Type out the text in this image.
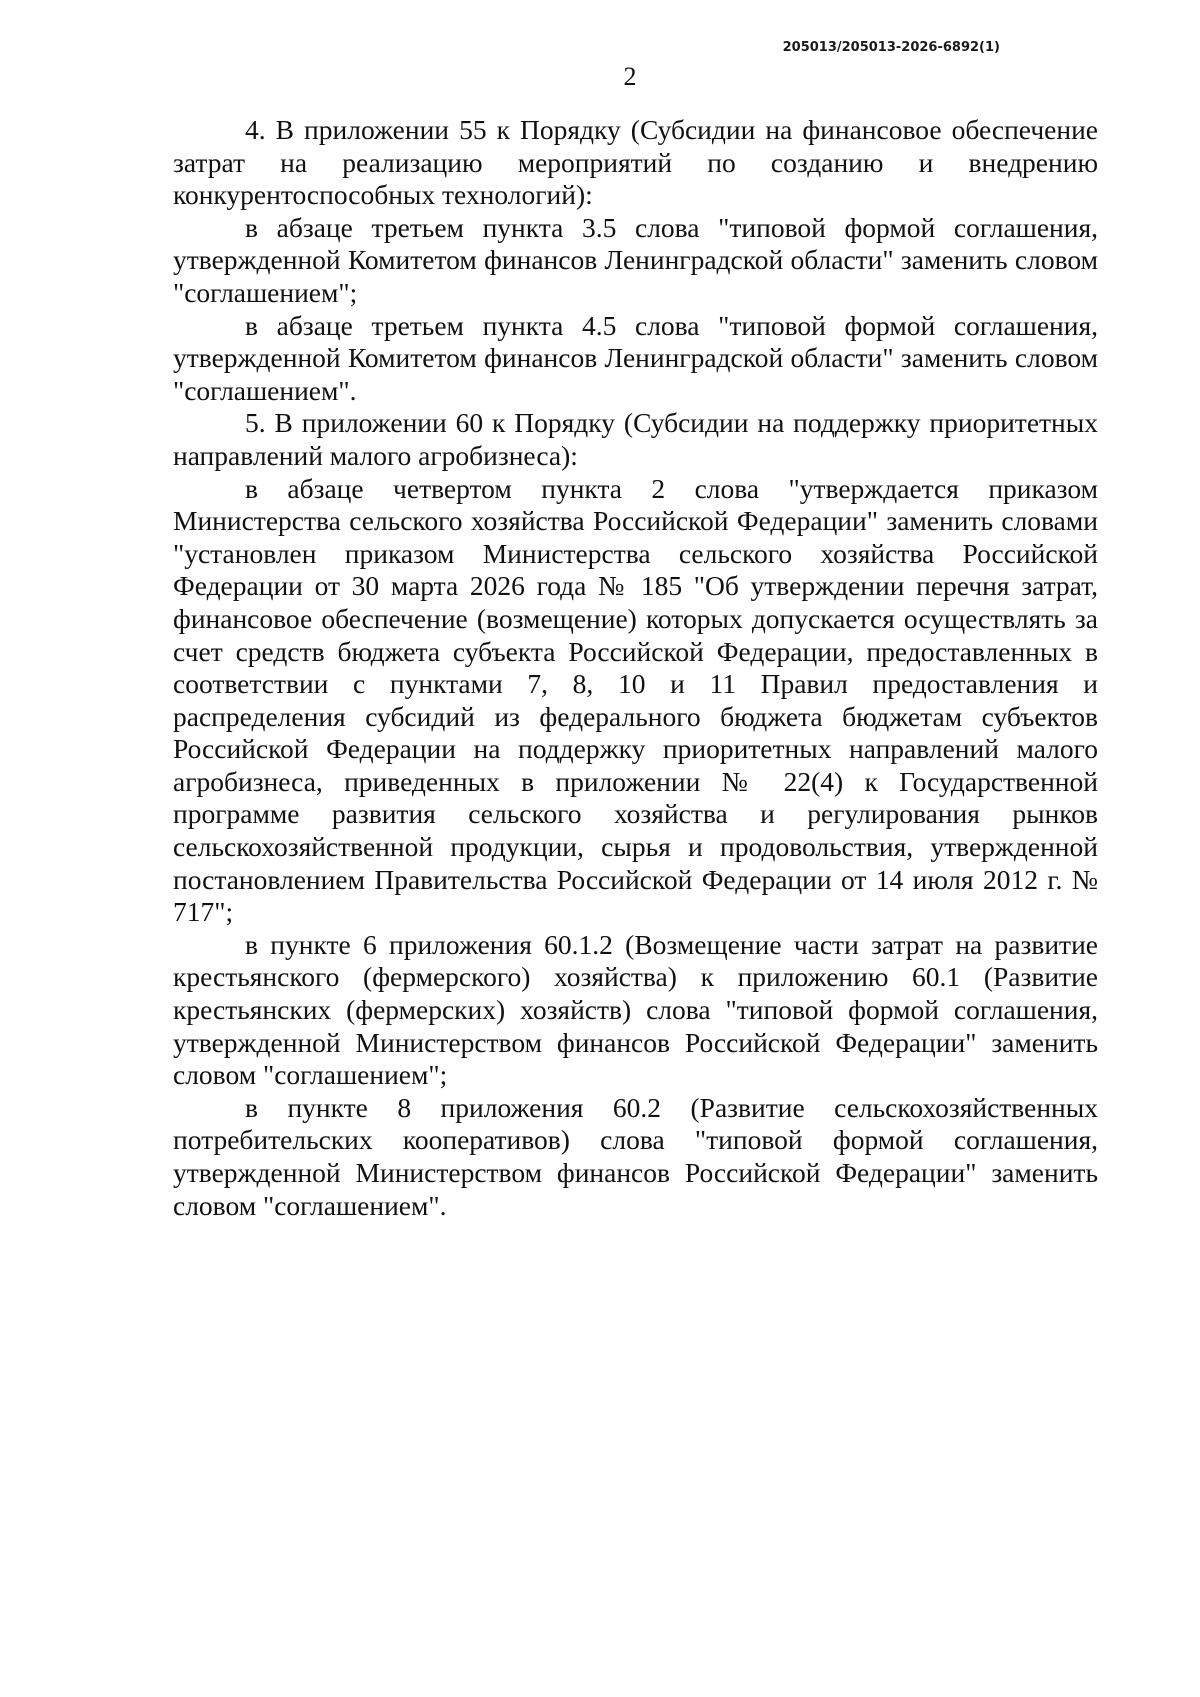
205013/205013-2026-6892(1)
2

4. В приложении 55 к Порядку (Субсидии на финансовое обеспечение затрат на реализацию мероприятий по созданию и внедрению конкурентоспособных технологий):

в абзаце третьем пункта 3.5 слова "типовой формой соглашения, утвержденной Комитетом финансов Ленинградской области" заменить словом "соглашением";

в абзаце третьем пункта 4.5 слова "типовой формой соглашения, утвержденной Комитетом финансов Ленинградской области" заменить словом "соглашением".

5. В приложении 60 к Порядку (Субсидии на поддержку приоритетных направлений малого агробизнеса):

в абзаце четвертом пункта 2 слова "утверждается приказом Министерства сельского хозяйства Российской Федерации" заменить словами "установлен приказом Министерства сельского хозяйства Российской Федерации от 30 марта 2026 года № 185 "Об утверждении перечня затрат, финансовое обеспечение (возмещение) которых допускается осуществлять за счет средств бюджета субъекта Российской Федерации, предоставленных в соответствии с пунктами 7, 8, 10 и 11 Правил предоставления и распределения субсидий из федерального бюджета бюджетам субъектов Российской Федерации на поддержку приоритетных направлений малого агробизнеса, приведенных в приложении № 22(4) к Государственной программе развития сельского хозяйства и регулирования рынков сельскохозяйственной продукции, сырья и продовольствия, утвержденной постановлением Правительства Российской Федерации от 14 июля 2012 г. № 717";

в пункте 6 приложения 60.1.2 (Возмещение части затрат на развитие крестьянского (фермерского) хозяйства) к приложению 60.1 (Развитие крестьянских (фермерских) хозяйств) слова "типовой формой соглашения, утвержденной Министерством финансов Российской Федерации" заменить словом "соглашением";

в пункте 8 приложения 60.2 (Развитие сельскохозяйственных потребительских кооперативов) слова "типовой формой соглашения, утвержденной Министерством финансов Российской Федерации" заменить словом "соглашением".
